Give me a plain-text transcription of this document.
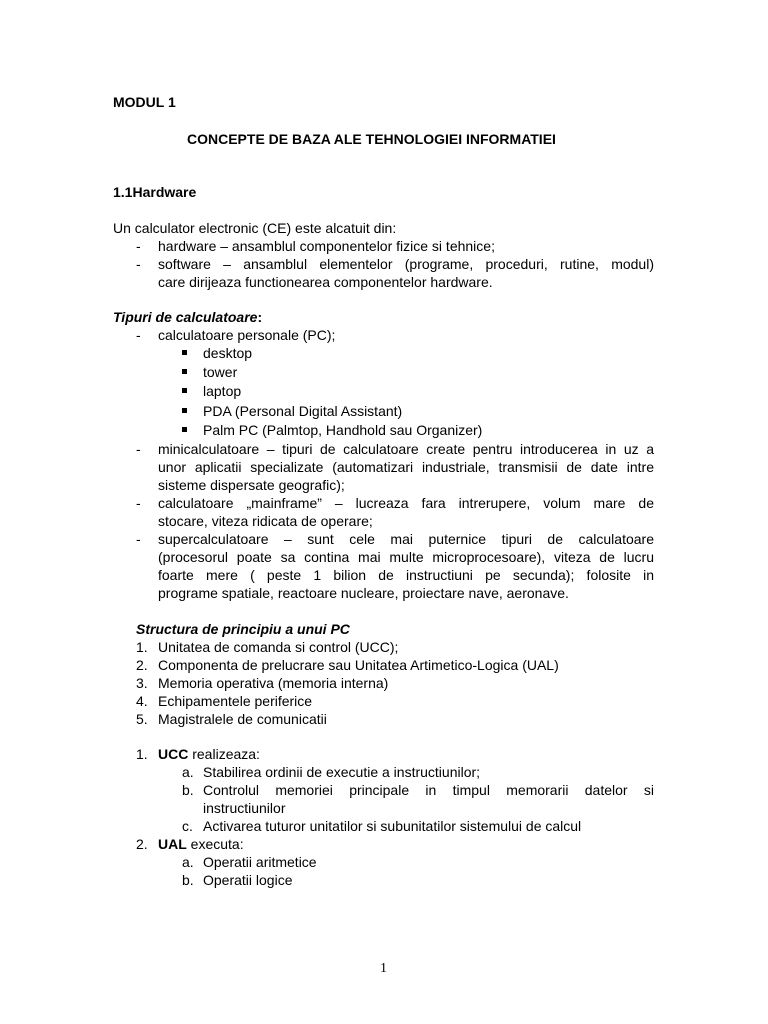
MODUL 1
CONCEPTE DE BAZA ALE TEHNOLOGIEI INFORMATIEI
1.1Hardware
Un calculator electronic (CE) este alcatuit din:
- hardware – ansamblul componentelor fizice si tehnice;
- software – ansamblul elementelor (programe, proceduri, rutine, modul)
care dirijeaza functionearea componentelor hardware.
Tipuri de calculatoare:
- calculatoare personale (PC);
desktop
tower
laptop
PDA (Personal Digital Assistant)
Palm PC (Palmtop, Handhold sau Organizer)
- minicalculatoare – tipuri de calculatoare create pentru introducerea in uz a
unor aplicatii specializate (automatizari industriale, transmisii de date intre
sisteme dispersate geografic);
- calculatoare „mainframe” – lucreaza fara intrerupere, volum mare de
stocare, viteza ridicata de operare;
- supercalculatoare – sunt cele mai puternice tipuri de calculatoare
(procesorul poate sa contina mai multe microprocesoare), viteza de lucru
foarte mere ( peste 1 bilion de instructiuni pe secunda); folosite in
programe spatiale, reactoare nucleare, proiectare nave, aeronave.
Structura de principiu a unui PC
1. Unitatea de comanda si control (UCC);
2. Componenta de prelucrare sau Unitatea Artimetico-Logica (UAL)
3. Memoria operativa (memoria interna)
4. Echipamentele periferice
5. Magistralele de comunicatii
1. UCC realizeaza:
a. Stabilirea ordinii de executie a instructiunilor;
b. Controlul memoriei principale in timpul memorarii datelor si
instructiunilor
c. Activarea tuturor unitatilor si subunitatilor sistemului de calcul
2. UAL executa:
a. Operatii aritmetice
b. Operatii logice
1
